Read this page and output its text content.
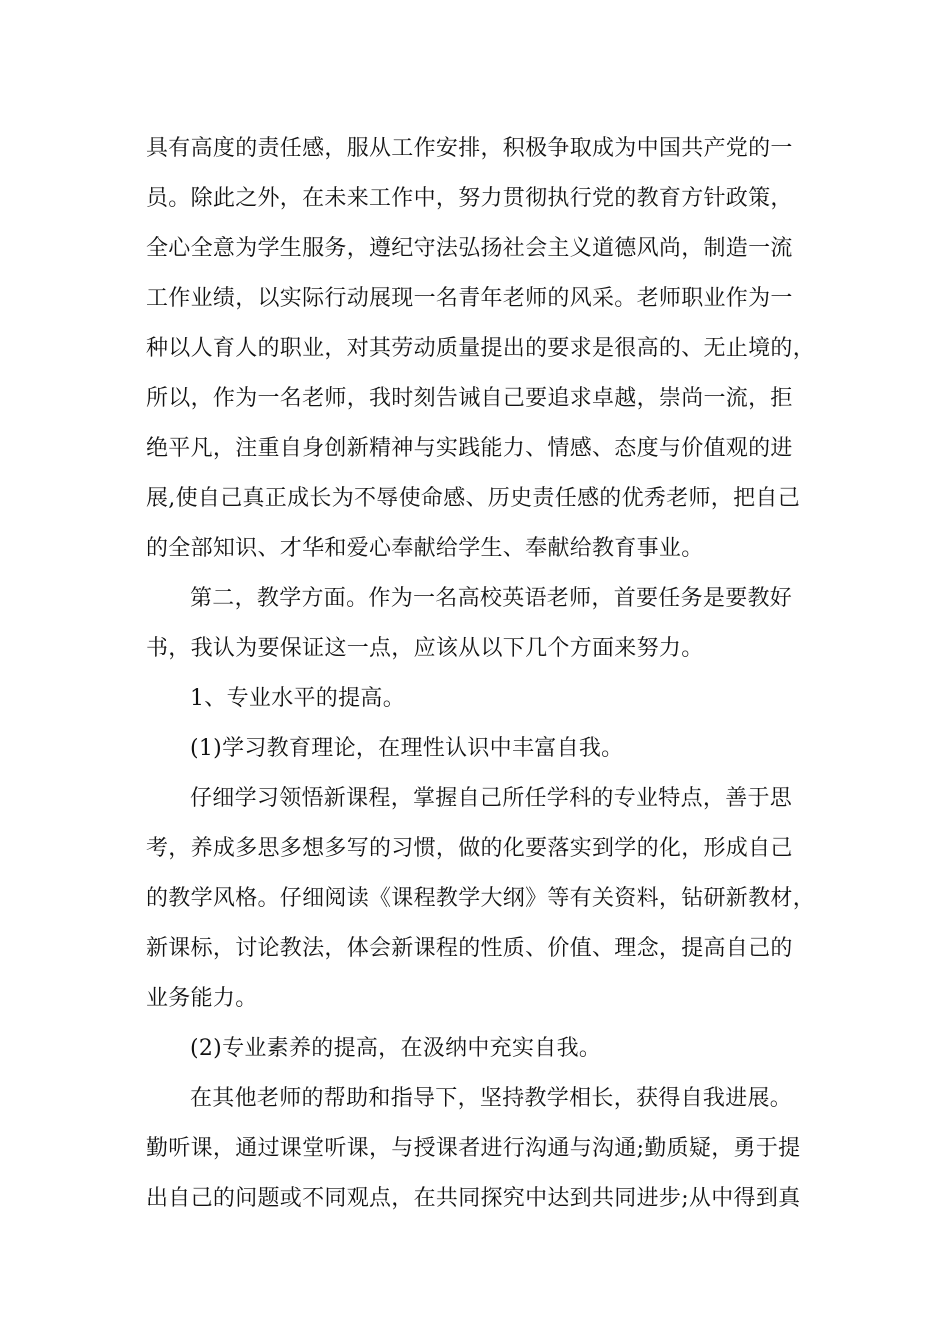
具有高度的责任感，服从工作安排，积极争取成为中国共产党的一
员。除此之外，在未来工作中，努力贯彻执行党的教育方针政策，
全心全意为学生服务，遵纪守法弘扬社会主义道德风尚，制造一流
工作业绩，以实际行动展现一名青年老师的风采。老师职业作为一
种以人育人的职业，对其劳动质量提出的要求是很高的、无止境的，
所以，作为一名老师，我时刻告诫自己要追求卓越，崇尚一流，拒
绝平凡，注重自身创新精神与实践能力、情感、态度与价值观的进
展,使自己真正成长为不辱使命感、历史责任感的优秀老师，把自己
的全部知识、才华和爱心奉献给学生、奉献给教育事业。
第二，教学方面。作为一名高校英语老师，首要任务是要教好
书，我认为要保证这一点，应该从以下几个方面来努力。
1、专业水平的提高。
(1)学习教育理论，在理性认识中丰富自我。
仔细学习领悟新课程，掌握自己所任学科的专业特点，善于思
考，养成多思多想多写的习惯，做的化要落实到学的化，形成自己
的教学风格。仔细阅读《课程教学大纲》等有关资料，钻研新教材，
新课标，讨论教法，体会新课程的性质、价值、理念，提高自己的
业务能力。
(2)专业素养的提高，在汲纳中充实自我。
在其他老师的帮助和指导下，坚持教学相长，获得自我进展。
勤听课，通过课堂听课，与授课者进行沟通与沟通;勤质疑，勇于提
出自己的问题或不同观点，在共同探究中达到共同进步;从中得到真
